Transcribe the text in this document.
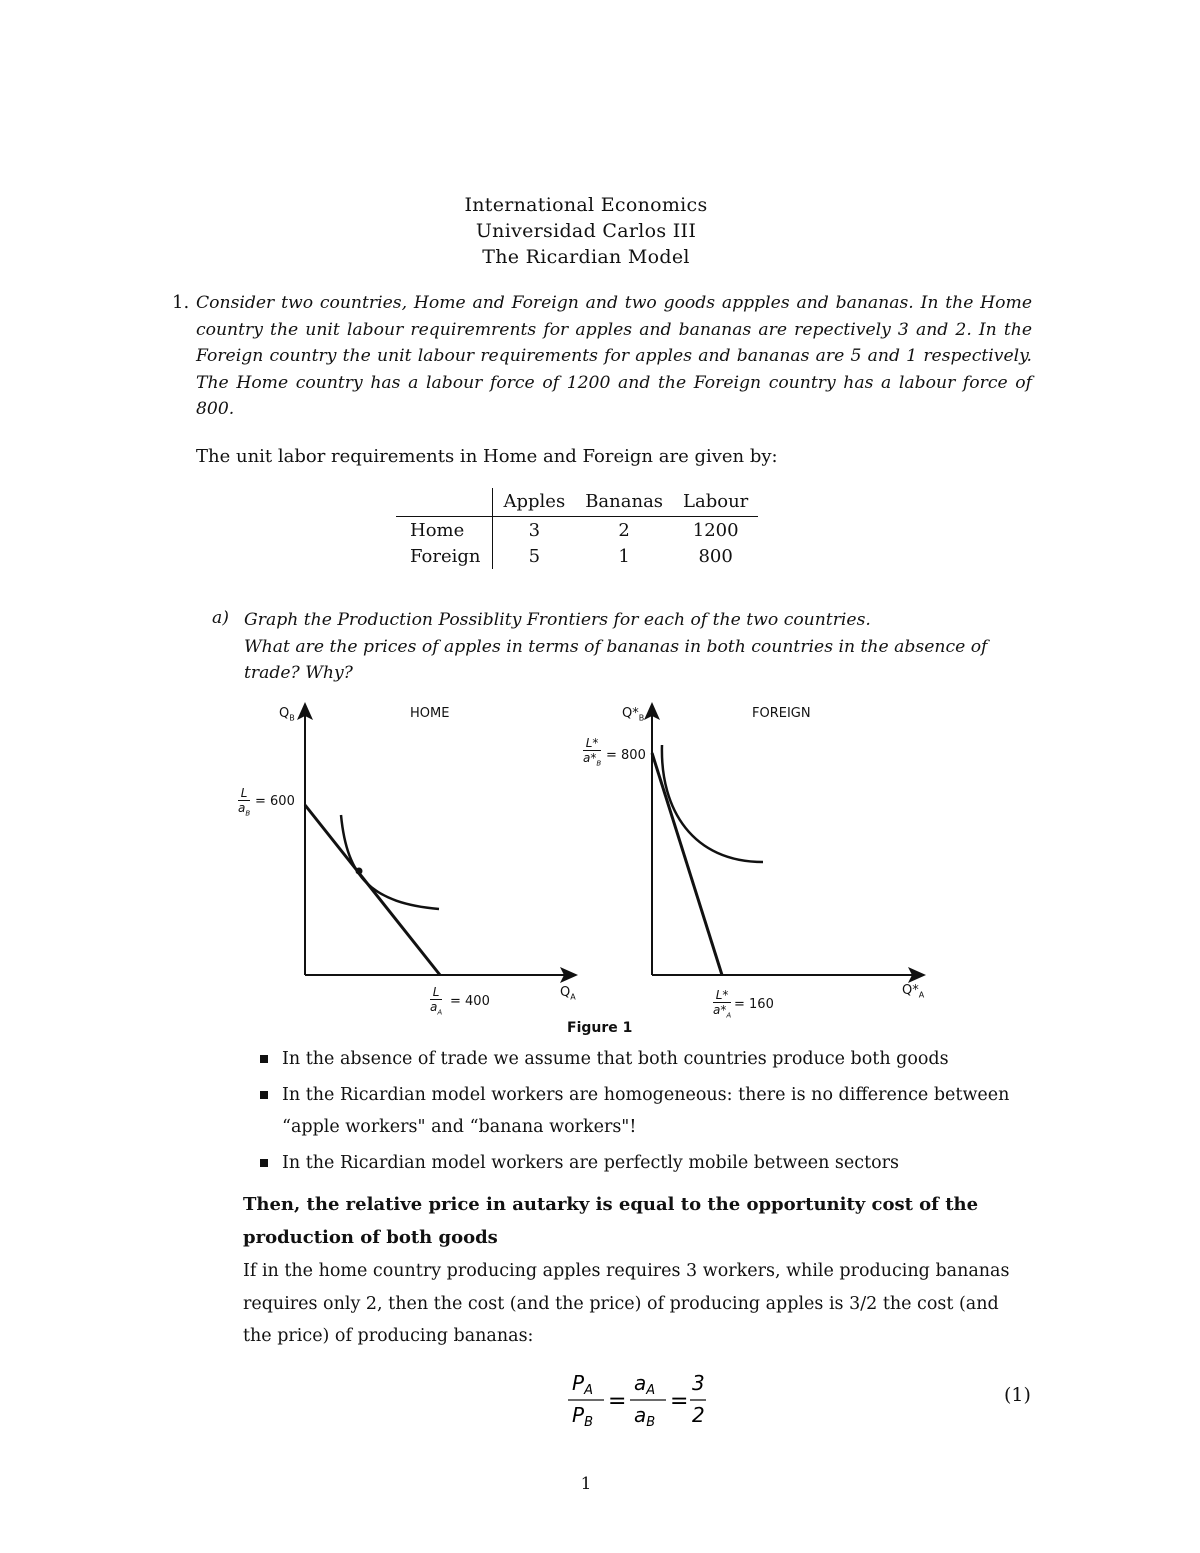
International Economics
Universidad Carlos III
The Ricardian Model
1. Consider two countries, Home and Foreign and two goods appples and bananas. In the Home country the unit labour requiremrents for apples and bananas are repectively 3 and 2. In the Foreign country the unit labour requirements for apples and bananas are 5 and 1 respectively. The Home country has a labour force of 1200 and the Foreign country has a labour force of 800.
The unit labor requirements in Home and Foreign are given by:
	Apples	Bananas	Labour
Home	3	2	1200
Foreign	5	1	800
a) Graph the Production Possiblity Frontiers for each of the two countries.
What are the prices of apples in terms of bananas in both countries in the absence of
trade? Why?
$Q_B$	HOME
$\frac{L}{a_B} = 600$
$\frac{L}{a_A} = 400$
$Q_A$
$Q*_B$	FOREIGN
$\frac{L*}{a*_B} = 800$
$\frac{L*}{a*_A} = 160$
$Q*_A$
Figure 1
In the absence of trade we assume that both countries produce both goods
In the Ricardian model workers are homogeneous: there is no difference between
“apple workers" and “banana workers"!
In the Ricardian model workers are perfectly mobile between sectors
Then, the relative price in autarky is equal to the opportunity cost of the
production of both goods
If in the home country producing apples requires 3 workers, while producing bananas
requires only 2, then the cost (and the price) of producing apples is 3/2 the cost (and
the price) of producing bananas:
$P_A$
$P_B$
=
$a_A$
$a_B$
=
3
2
(1)
1
